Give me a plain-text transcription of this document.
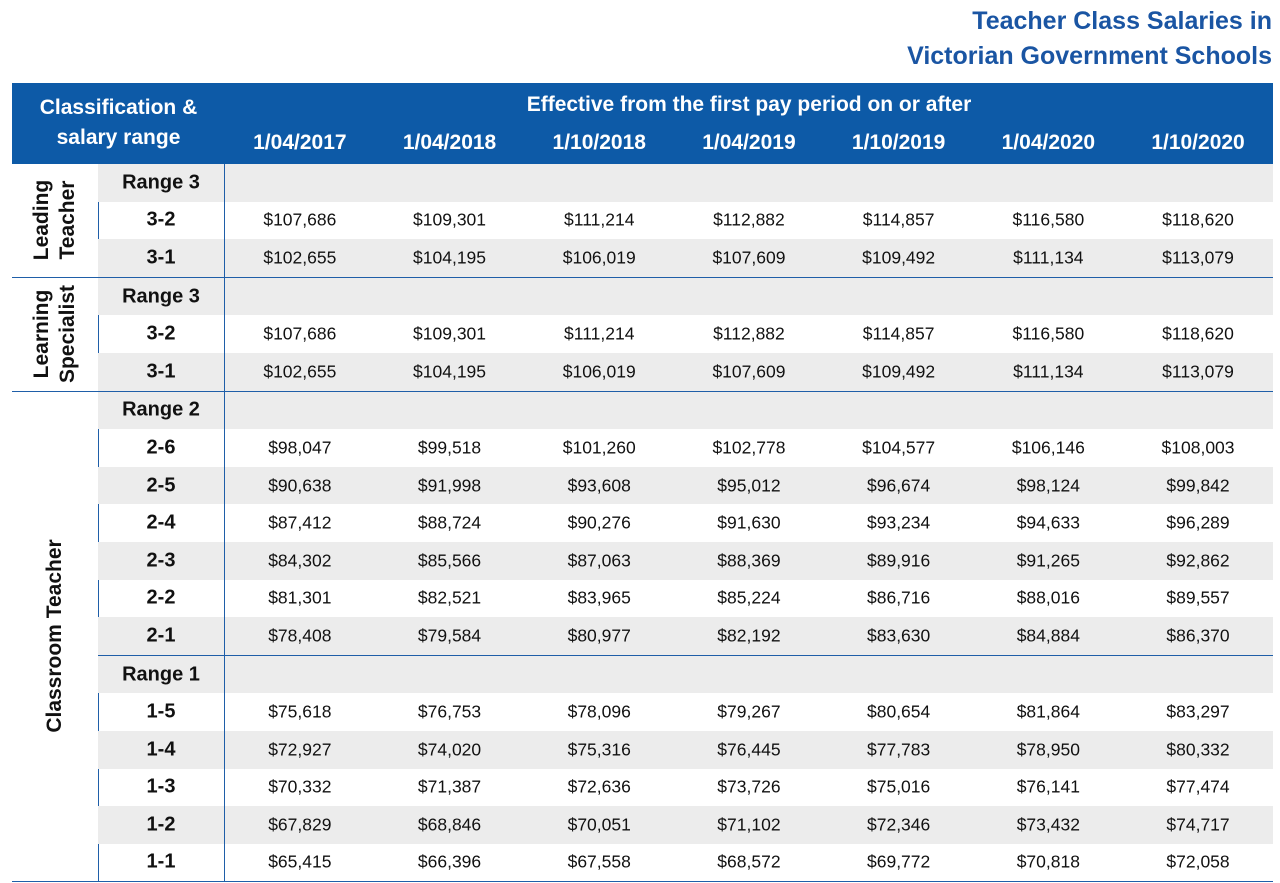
Teacher Class Salaries in
Victorian Government Schools
Classification &
salary range
Effective from the first pay period on or after
1/04/2017	1/04/2018	1/10/2018	1/04/2019	1/10/2019	1/04/2020	1/10/2020
Leading Teacher	Range 3
3-2	$107,686	$109,301	$111,214	$112,882	$114,857	$116,580	$118,620
3-1	$102,655	$104,195	$106,019	$107,609	$109,492	$111,134	$113,079
Learning Specialist	Range 3
3-2	$107,686	$109,301	$111,214	$112,882	$114,857	$116,580	$118,620
3-1	$102,655	$104,195	$106,019	$107,609	$109,492	$111,134	$113,079
Classroom Teacher
Range 2
2-6	$98,047	$99,518	$101,260	$102,778	$104,577	$106,146	$108,003
2-5	$90,638	$91,998	$93,608	$95,012	$96,674	$98,124	$99,842
2-4	$87,412	$88,724	$90,276	$91,630	$93,234	$94,633	$96,289
2-3	$84,302	$85,566	$87,063	$88,369	$89,916	$91,265	$92,862
2-2	$81,301	$82,521	$83,965	$85,224	$86,716	$88,016	$89,557
2-1	$78,408	$79,584	$80,977	$82,192	$83,630	$84,884	$86,370
Range 1
1-5	$75,618	$76,753	$78,096	$79,267	$80,654	$81,864	$83,297
1-4	$72,927	$74,020	$75,316	$76,445	$77,783	$78,950	$80,332
1-3	$70,332	$71,387	$72,636	$73,726	$75,016	$76,141	$77,474
1-2	$67,829	$68,846	$70,051	$71,102	$72,346	$73,432	$74,717
1-1	$65,415	$66,396	$67,558	$68,572	$69,772	$70,818	$72,058
